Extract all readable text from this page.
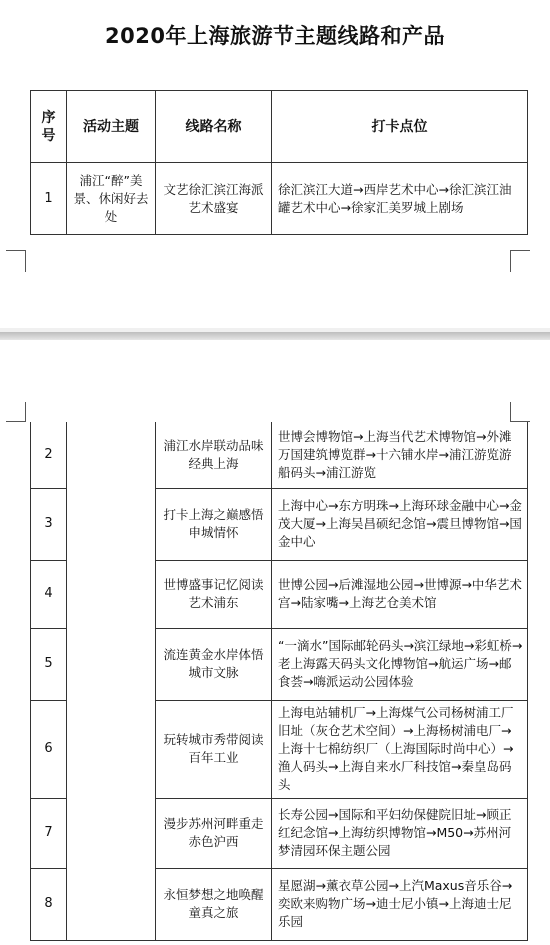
2020年上海旅游节主题线路和产品
序号	活动主题	线路名称	打卡点位
1	浦江“醉”美景、休闲好去处	文艺徐汇滨江海派艺术盛宴	徐汇滨江大道→西岸艺术中心→徐汇滨江油罐艺术中心→徐家汇美罗城上剧场
2		浦江水岸联动品味经典上海	世博会博物馆→上海当代艺术博物馆→外滩万国建筑博览群→十六铺水岸→浦江游览游船码头→浦江游览
3		打卡上海之巅感悟申城情怀	上海中心→东方明珠→上海环球金融中心→金茂大厦→上海吴昌硕纪念馆→震旦博物馆→国金中心
4		世博盛事记忆阅读艺术浦东	世博公园→后滩湿地公园→世博源→中华艺术宫→陆家嘴→上海艺仓美术馆
5		流连黄金水岸体悟城市文脉	“一滴水”国际邮轮码头→滨江绿地→彩虹桥→老上海露天码头文化博物馆→航运广场→邮食荟→嗨派运动公园体验
6		玩转城市秀带阅读百年工业	上海电站辅机厂→上海煤气公司杨树浦工厂旧址（灰仓艺术空间）→上海杨树浦电厂→上海十七棉纺织厂（上海国际时尚中心）→渔人码头→上海自来水厂科技馆→秦皇岛码头
7		漫步苏州河畔重走赤色沪西	长寿公园→国际和平妇幼保健院旧址→顾正红纪念馆→上海纺织博物馆→M50→苏州河梦清园环保主题公园
8		永恒梦想之地唤醒童真之旅	星愿湖→薰衣草公园→上汽Maxus音乐谷→奕欧来购物广场→迪士尼小镇→上海迪士尼乐园
